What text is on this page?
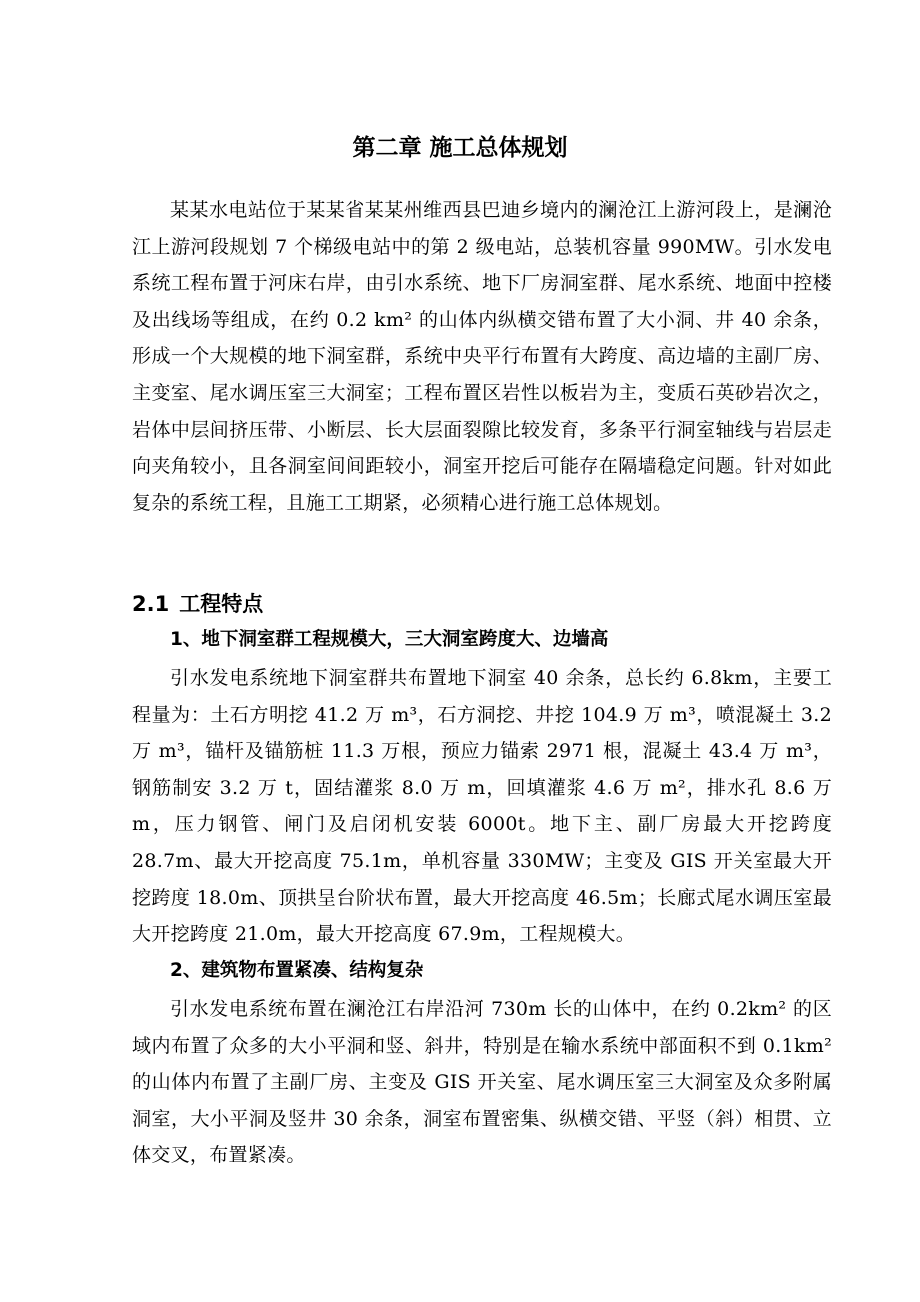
第二章 施工总体规划

某某水电站位于某某省某某州维西县巴迪乡境内的澜沧江上游河段上，是澜沧江上游河段规划 7 个梯级电站中的第 2 级电站，总装机容量 990MW。引水发电系统工程布置于河床右岸，由引水系统、地下厂房洞室群、尾水系统、地面中控楼及出线场等组成，在约 0.2 km² 的山体内纵横交错布置了大小洞、井 40 余条，形成一个大规模的地下洞室群，系统中央平行布置有大跨度、高边墙的主副厂房、主变室、尾水调压室三大洞室；工程布置区岩性以板岩为主，变质石英砂岩次之，岩体中层间挤压带、小断层、长大层面裂隙比较发育，多条平行洞室轴线与岩层走向夹角较小，且各洞室间间距较小，洞室开挖后可能存在隔墙稳定问题。针对如此复杂的系统工程，且施工工期紧，必须精心进行施工总体规划。

2.1 工程特点
1、地下洞室群工程规模大，三大洞室跨度大、边墙高

引水发电系统地下洞室群共布置地下洞室 40 余条，总长约 6.8km，主要工程量为：土石方明挖 41.2 万 m³，石方洞挖、井挖 104.9 万 m³，喷混凝土 3.2 万 m³，锚杆及锚筋桩 11.3 万根，预应力锚索 2971 根，混凝土 43.4 万 m³，钢筋制安 3.2 万 t，固结灌浆 8.0 万 m，回填灌浆 4.6 万 m²，排水孔 8.6 万 m，压力钢管、闸门及启闭机安装 6000t。地下主、副厂房最大开挖跨度 28.7m、最大开挖高度 75.1m，单机容量 330MW；主变及 GIS 开关室最大开挖跨度 18.0m、顶拱呈台阶状布置，最大开挖高度 46.5m；长廊式尾水调压室最大开挖跨度 21.0m，最大开挖高度 67.9m，工程规模大。

2、建筑物布置紧凑、结构复杂

引水发电系统布置在澜沧江右岸沿河 730m 长的山体中，在约 0.2km² 的区域内布置了众多的大小平洞和竖、斜井，特别是在输水系统中部面积不到 0.1km² 的山体内布置了主副厂房、主变及 GIS 开关室、尾水调压室三大洞室及众多附属洞室，大小平洞及竖井 30 余条，洞室布置密集、纵横交错、平竖（斜）相贯、立体交叉，布置紧凑。
